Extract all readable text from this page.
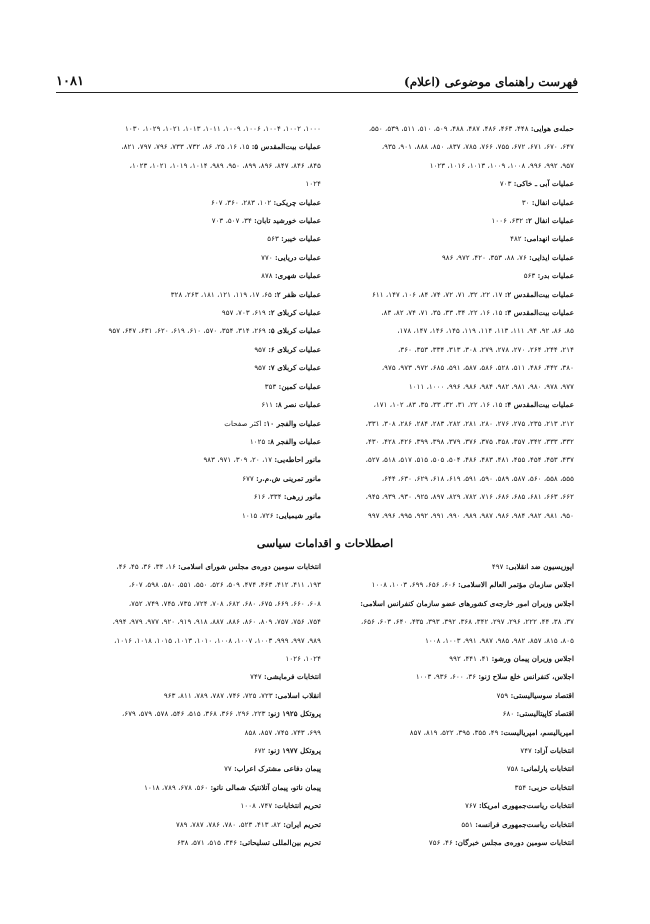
فهرست راهنمای موضوعی (اعلام)
۱۰۸۱
حمله‌ی هوایی: ۴۴۸، ۴۶۳، ۴۸۶، ۴۸۷، ۴۸۸، ۵۰۹، ۵۱۰، ۵۱۱، ۵۳۹، ۵۵۰،
۶۴۷، ۶۷۰، ۶۷۱، ۶۷۲، ۷۵۵، ۷۶۶، ۷۸۵، ۸۳۷، ۸۵۰، ۸۸۸، ۹۰۱، ۹۳۵،
۹۵۷، ۹۹۲، ۹۹۶، ۱۰۰۸، ۱۰۰۹، ۱۰۱۳، ۱۰۱۶، ۱۰۲۳
عملیات آبی ـ خاکی: ۷۰۳
عملیات انفال: ۳۰
عملیات انفال ۲: ۶۳۲، ۱۰۰۶
عملیات انهدامی: ۴۸۲
عملیات ایذایی: ۷۶، ۸۸، ۳۵۳، ۴۲۰، ۹۷۲، ۹۸۶
عملیات بدر: ۵۶۳
عملیات بیت‌المقدس ۲: ۱۷، ۲۲، ۳۲، ۷۱، ۷۲، ۷۴، ۸۴، ۱۰۶، ۱۴۷، ۶۱۱
عملیات بیت‌المقدس ۳: ۱۵، ۱۶، ۲۲، ۳۴، ۳۳، ۳۵، ۷۱، ۷۴، ۸۲، ۸۳،
۸۵، ۸۶، ۹۲، ۹۴، ۱۱۱، ۱۱۳، ۱۱۴، ۱۱۹، ۱۴۵، ۱۴۶، ۱۴۷، ۱۷۸،
۲۱۴، ۲۴۴، ۲۶۴، ۲۷۰، ۲۷۸، ۲۷۹، ۳۰۸، ۳۱۳، ۳۳۴، ۳۵۳، ۳۶۰،
۳۸۰، ۴۴۲، ۴۸۶، ۵۱۱، ۵۲۸، ۵۸۶، ۵۸۷، ۵۹۱، ۶۸۵، ۹۷۲، ۹۷۳، ۹۷۵،
۹۷۷، ۹۷۸، ۹۸۰، ۹۸۱، ۹۸۲، ۹۸۴، ۹۸۶، ۹۹۶، ۱۰۰۰، ۱۰۱۱
عملیات بیت‌المقدس ۴: ۱۵، ۱۶، ۲۲، ۳۱، ۳۲، ۳۳، ۳۵، ۸۳، ۱۰۲، ۱۷۱،
۲۱۲، ۲۱۳، ۲۳۵، ۲۷۵، ۲۷۶، ۲۸۰، ۲۸۱، ۲۸۲، ۲۸۳، ۲۸۴، ۲۸۶، ۳۰۸، ۳۳۱،
۳۳۲، ۳۳۳، ۳۴۲، ۳۵۷، ۳۵۸، ۳۷۵، ۳۷۶، ۳۷۹، ۳۹۸، ۳۹۹، ۴۲۶، ۴۲۸، ۴۳۰،
۴۳۷، ۴۵۳، ۴۵۴، ۴۵۵، ۴۸۱، ۴۸۳، ۴۸۶، ۵۰۴، ۵۰۵، ۵۱۵، ۵۱۷، ۵۱۸، ۵۲۷،
۵۵۵، ۵۵۸، ۵۶۰، ۵۸۷، ۵۸۹، ۵۹۰، ۵۹۱، ۶۱۹، ۶۱۸، ۶۲۹، ۶۳۰، ۶۴۴،
۶۶۲، ۶۶۳، ۶۸۱، ۶۸۵، ۶۸۶، ۷۱۶، ۷۸۲، ۸۲۹، ۸۹۷، ۹۲۵، ۹۳۰، ۹۳۹، ۹۴۵،
۹۵۰، ۹۸۱، ۹۸۲، ۹۸۴، ۹۸۶، ۹۸۷، ۹۸۹، ۹۹۰، ۹۹۱، ۹۹۲، ۹۹۵، ۹۹۶، ۹۹۷
۱۰۰۰، ۱۰۰۲، ۱۰۰۴، ۱۰۰۶، ۱۰۰۹، ۱۰۱۱، ۱۰۱۳، ۱۰۲۱، ۱۰۲۹، ۱۰۳۰
عملیات بیت‌المقدس ۵: ۱۵، ۱۶، ۲۵، ۸۶، ۷۳۲، ۷۳۳، ۷۹۶، ۷۹۷، ۸۲۱،
۸۴۵، ۸۴۶، ۸۴۷، ۸۹۶، ۸۹۹، ۹۵۰، ۹۸۹، ۱۰۱۴، ۱۰۱۹، ۱۰۲۱، ۱۰۲۳،
۱۰۲۴
عملیات چریکی: ۱۰۲، ۲۸۳، ۳۶۰، ۶۰۷
عملیات خورشید تابان: ۳۴، ۵۰۷، ۷۰۳
عملیات خیبر: ۵۶۳
عملیات دریایی: ۷۷۰
عملیات شهری: ۸۷۸
عملیات ظفر ۲: ۶۵، ۱۷، ۱۱۹، ۱۲۱، ۱۸۱، ۲۶۳، ۳۲۸
عملیات کربلای ۲: ۶۱۹، ۷۰۳، ۹۵۷
عملیات کربلای ۵: ۲۶۹، ۳۱۴، ۳۵۴، ۵۷۰، ۶۱۰، ۶۱۹، ۶۲۰، ۶۳۱، ۶۴۷، ۹۵۷
عملیات کربلای ۶: ۹۵۷
عملیات کربلای ۷: ۹۵۷
عملیات کمین: ۳۵۳
عملیات نصر ۸: ۶۱۱
عملیات والفجر ۱۰: اکثر صفحات
عملیات والفجر ۸: ۱۰۲۵
مانور احاطه‌یی: ۱۷، ۲۰، ۳۰۹، ۹۷۱، ۹۸۳
مانور تمرینی ش.م.ر: ۶۷۷
مانور زرهی: ۳۳۴، ۶۱۶
مانور شیمیایی: ۷۲۶، ۱۰۱۵
اصطلاحات و اقدامات سیاسی
اپوزیسیون ضد انقلابی: ۴۹۷
اجلاس سازمان مؤتمر العالم الاسلامی: ۶۰۶، ۶۵۶، ۶۹۹، ۱۰۰۳، ۱۰۰۸
اجلاس وزیران امور خارجه‌ی کشورهای عضو سازمان کنفرانس اسلامی:
۳۷، ۳۸، ۴۴، ۲۲۲، ۲۹۶، ۲۹۷، ۳۴۲، ۳۶۸، ۳۹۲، ۳۹۳، ۴۳۵، ۶۴۰، ۶۰۳، ۶۵۶،
۸۰۵، ۸۱۵، ۸۵۷، ۹۸۲، ۹۸۵، ۹۸۷، ۹۹۱، ۱۰۰۳، ۱۰۰۸
اجلاس وزیران پیمان ورشو: ۴۱، ۴۴۱، ۹۹۲
اجلاس، کنفرانس خلع سلاح ژنو: ۳۶، ۶۰۰، ۹۳۶، ۱۰۰۳
اقتصاد سوسیالیستی: ۷۵۹
اقتصاد کاپیتالیستی: ۶۸۰
امپریالیسم، امپریالیست: ۴۹، ۳۵۵، ۳۹۵، ۵۲۲، ۸۱۹، ۸۵۷
انتخابات آزاد: ۷۴۷
انتخابات پارلمانی: ۷۵۸
انتخابات حزبی: ۳۵۴
انتخابات ریاست‌جمهوری امریکا: ۷۶۷
انتخابات ریاست‌جمهوری فرانسه: ۵۵۱
انتخابات سومین دوره‌ی مجلس خبرگان: ۴۶، ۷۵۶
انتخابات سومین دوره‌ی مجلس شورای اسلامی: ۱۶، ۳۴، ۳۶، ۴۵، ۴۶،
۱۹۳، ۴۱۱، ۴۱۲، ۴۶۳، ۴۷۴، ۵۰۹، ۵۲۶، ۵۵۰، ۵۵۱، ۵۸۰، ۵۹۸، ۶۰۷،
۶۰۸، ۶۶۰، ۶۶۹، ۶۷۵، ۶۸۰، ۶۸۲، ۷۰۸، ۷۲۴، ۷۳۵، ۷۴۵، ۷۴۹، ۷۵۲،
۷۵۴، ۷۵۶، ۷۵۷، ۸۰۹، ۸۶۰، ۸۸۶، ۸۸۷، ۹۱۸، ۹۱۹، ۹۲۰، ۹۷۷، ۹۷۹، ۹۹۴،
۹۸۹، ۹۹۷، ۹۹۹، ۱۰۰۳، ۱۰۰۷، ۱۰۰۸، ۱۰۱۰، ۱۰۱۳، ۱۰۱۵، ۱۰۱۸، ۱۰۱۶،
۱۰۲۴، ۱۰۲۶
انتخابات فرمایشی: ۷۴۷
انقلاب اسلامی: ۷۲۳، ۷۲۵، ۷۴۶، ۷۸۷، ۷۸۹، ۸۱۱، ۹۶۳
پروتکل ۱۹۲۵ ژنو: ۲۲۳، ۲۹۶، ۳۶۶، ۳۶۸، ۵۱۵، ۵۴۶، ۵۷۸، ۵۷۹، ۶۷۹،
۶۹۹، ۷۴۳، ۷۴۵، ۸۵۷، ۸۵۸
پروتکل ۱۹۷۷ ژنو: ۶۷۲
پیمان دفاعی مشترک اعراب: ۷۷
پیمان ناتو، پیمان آتلانتیک شمالی ناتو: ۵۶۰، ۶۷۸، ۷۸۹، ۱۰۱۸
تحریم انتخابات: ۷۴۷، ۱۰۰۸
تحریم ایران: ۸۲، ۴۱۳، ۵۲۳، ۷۸۰، ۷۸۶، ۷۸۷، ۷۸۹
تحریم بین‌المللی تسلیحاتی: ۳۴۶، ۵۱۵، ۵۷۱، ۶۳۸
